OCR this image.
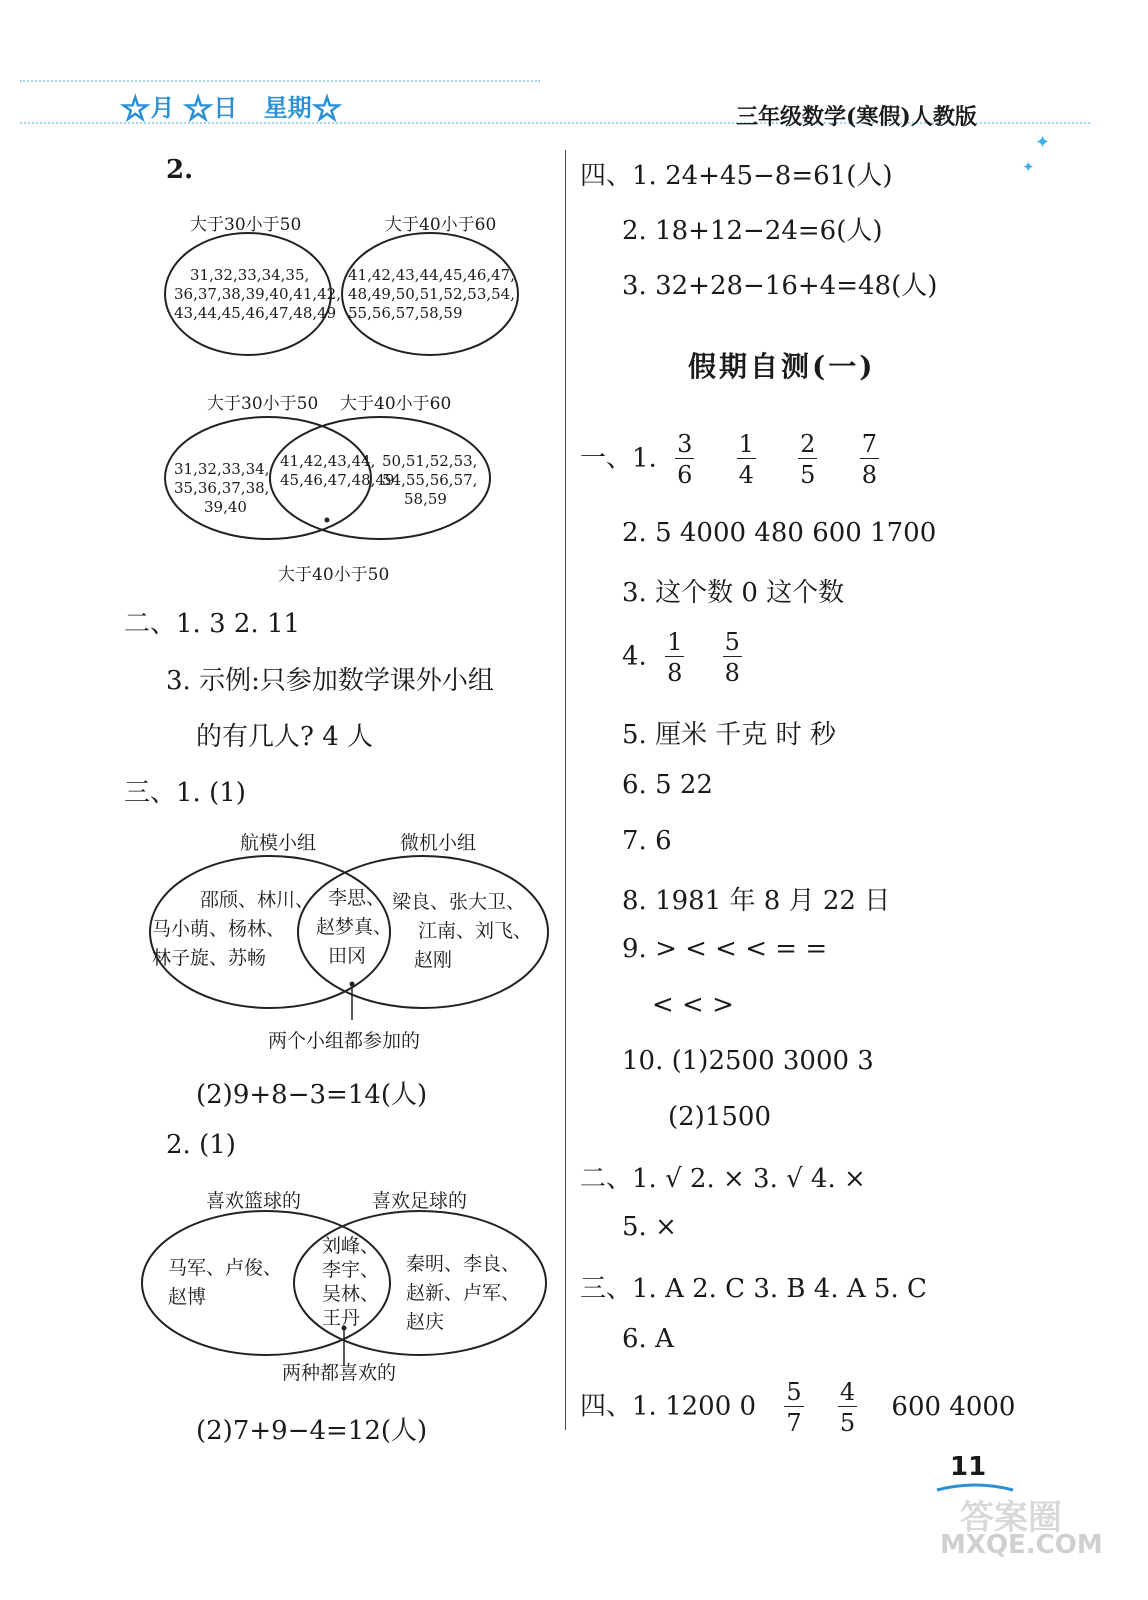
☆月 ☆日 星期☆	三年级数学(寒假)人教版
✦
✦
2.
大于30小于50	大于40小于60
31,32,33,34,35,
36,37,38,39,40,41,42,
43,44,45,46,47,48,49
41,42,43,44,45,46,47,
48,49,50,51,52,53,54,
55,56,57,58,59
大于30小于50 大于40小于60
31,32,33,34,
35,36,37,38,
39,40
41,42,43,44,
45,46,47,48,49
50,51,52,53,
54,55,56,57,
58,59
大于40小于50
二、1. 3 2. 11
3. 示例:只参加数学课外小组
的有几人? 4 人
三、1. (1)
航模小组	微机小组
邵颀、林川、
马小萌、杨林、
林子旋、苏畅
李思、
赵梦真、
田冈
梁良、张大卫、
江南、刘飞、
赵刚
两个小组都参加的
(2)9+8−3=14(人)
2. (1)
喜欢篮球的	喜欢足球的
马军、卢俊、
赵博
刘峰、
李宇、
吴林、
王丹
秦明、李良、
赵新、卢军、
赵庆
两种都喜欢的
(2)7+9−4=12(人)
四、1. 24+45−8=61(人)
2. 18+12−24=6(人)
3. 32+28−16+4=48(人)
假期自测(一)
一、1. $\frac{3}{6}$
$\frac{1}{4}$
$\frac{2}{5}$
$\frac{7}{8}$
2. 5 4000 480 600 1700
3. 这个数 0 这个数
4. $\frac{1}{8}$
$\frac{5}{8}$
5. 厘米 千克 时 秒
6. 5 22
7. 6
8. 1981 年 8 月 22 日
9. > < < < = =
< < >
10. (1)2500 3000 3
(2)1500
二、1. √ 2. × 3. √ 4. ×
5. ×
三、1. A 2. C 3. B 4. A 5. C
6. A
四、1. 1200 $0 \frac{5}{7}$
$\frac{4}{5} 600$ 4000
11
答案圈
MXQE.COM
